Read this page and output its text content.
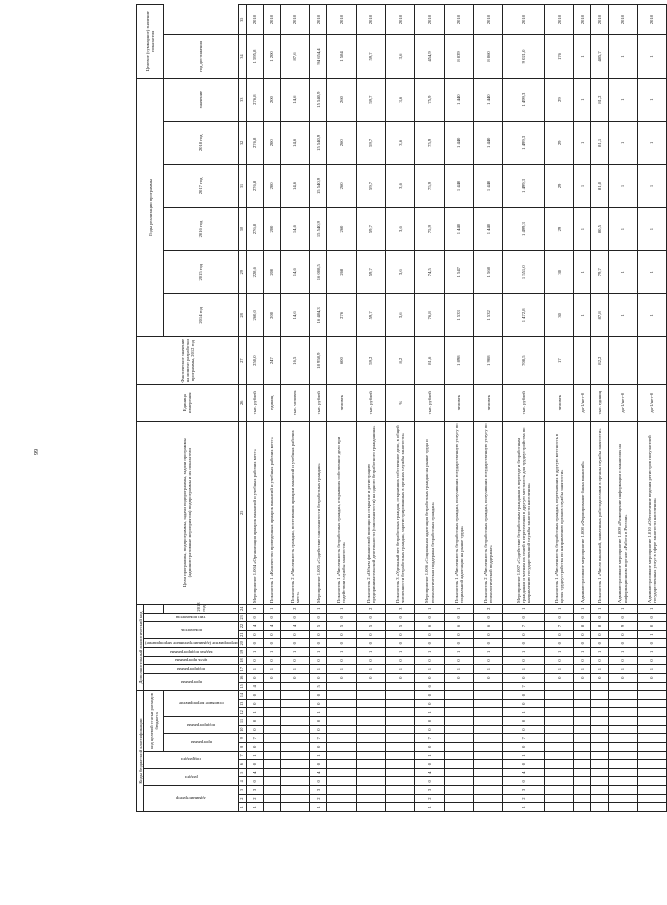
99
Коды бюджетной классификации														Дополнительный аналитический код										Цели программы, подпрограммы, задачи подпрограммы, задачи программы (административные мероприятия) подпрограммы и их показатели	Единица измерения	Фактическое значение на момент разработки программы, 2012 год	Годы реализации программы						Целевое (суммарное) значение показателя	

администратор			раздел		подраздел		код целевой статьи расходов бюджета							программа		подпрограмма	цель программы	задача подпрограммы	мероприятие (административное мероприятие)	показатель		тип показателя												

							программа		подпрограмма		основное мероприятие												2013 год				2014 год	2015 год	2016 год	2017 год	2018 год	значение	год достижения	
1	2	3	4	5	6	7	8	9	10	11	12	13	14	15	16	17	18	19	20	21	22	23	24	25	26	27	28	29	30	31	32	33	34	35
1	2	3	0	4	0	1	0	7	0	0	1	0	0	4	0	1	0	1	0	0	4	0	1	Мероприятие 1.004 «Организация ярмарок вакансий и учебных рабочих мест»	тыс. рублей	250,0	260,0	228,6	276,8	276,8	276,8	276,8	1 595,8	2018
															0	1	0	1	0	0	4	0	1	Показатель 1 «Количество проведенных ярмарок вакансий и учебных рабочих мест»	единиц	247	200	200	200	200	200	200	1 200	2018
															0	1	0	1	0	0	4	0	2	Показатель 2 «Численность граждан, посетивших ярмарки вакансий и учебных рабочих мест»	тыс. человек	16,5	14,6	14,6	14,6	14,6	14,6	14,6	87,6	2018
1	2	3	0	4	0	1	0	7	0	0	1	0	0	5	0	1	0	1	0	0	5	0	1	Мероприятие 1.005 «Содействие самозанятости безработных граждан»	тыс. рублей	18 958,9	16 484,3	16 008,5	15 540,9	15 540,9	15 540,9	15 540,9	94 654,4	2018
															0	1	0	1	0	0	5	0	1	Показатель 1 «Численность безработных граждан, открывших собственное дело при содействии службы занятости»	человек	600	276	268	260	260	260	260	1 584	2018
															0	1	0	1	0	0	5	0	2	Показатель 2 «Объем финансовой помощи на открытие и регистрацию предпринимательской деятельности (самозанятости) на одного безработного гражданина»	тыс. рублей	59,2	59,7	59,7	59,7	59,7	59,7	59,7	59,7	2018
															0	1	0	1	0	0	5	0	3	Показатель 3 «Удельный вес безработных граждан, открывших собственное дело, в общей численности безработных граждан, зарегистрированных в органах службы занятости»	%	8,2	3,6	3,6	3,6	3,6	3,6	3,6	3,6	2018
1	2	3	0	4	0	1	0	7	0	0	1	0	0	6	0	1	0	1	0	0	6	0	1	Мероприятие 1.006 «Социальная адаптация безработных граждан на рынке труда и психологическая поддержка безработных граждан»	тыс. рублей	81,6	76,8	74,5	75,9	75,9	75,9	75,9	454,9	2018
															0	1	0	1	0	0	6	0	1	Показатель 1 «Численность безработных граждан, получивших государственную услугу по социальной адаптации на рынке труда»	человек	1 898	1 533	1 547	1 440	1 440	1 440	1 440	8 839	2018
															0	1	0	1	0	0	6	0	2	Показатель 2 «Численность безработных граждан, получивших государственную услугу по психологической поддержке»	человек	1 908	1 532	1 568	1 440	1 440	1 440	1 440	8 860	2018
1	2	3	0	4	0	1	0	7	0	0	1	0	0	7	0	1	0	1	0	0	7	0	1	Мероприятие 1.007 «Содействие безработным гражданам в переезде и безработным гражданам и членам их семей в переселении в другую местность для трудоустройства по направлению государственной службы занятости населения»	тыс. рублей	708,5	1 472,8	1 551,0	1 499,3	1 499,3	1 499,3	1 499,3	9 021,0	2018
															0	1	0	1	0	0	7	0	1	Показатель 1 «Численность безработных граждан, переехавших в другую местность в целях трудоустройства по направлению органов службы занятости»	человек	17	30	30	29	29	29	29	176	2018
															0	1	0	1	0	0	8	0	1	Административное мероприятие 1.008 «Формирование банка вакансий»	да-1/нет-0		1	1	1	1	1	1	1	2018
															0	1	0	1	0	0	8	0	1	Показатель 1 «Число вакансий, заявленных работодателями в органы службы занятости»	тыс. единиц	82,2	87,8	79,7	80,5	81,0	81,1	81,2	485,7	2018
															0	1	0	1	0	0	9	0	1	Административное мероприятие 1.009 «Размещение информации о вакансиях на информационном портале «Работа в России»	да-1/нет-0		1	1	1	1	1	1	1	2018
															0	1	0	1	0	1	0	0	1	Административное мероприятие 1.010 «Обеспечение ведения регистров получателей государственных услуг в сфере занятости населения»	да-1/нет-0		1	1	1	1	1	1	1	2018
